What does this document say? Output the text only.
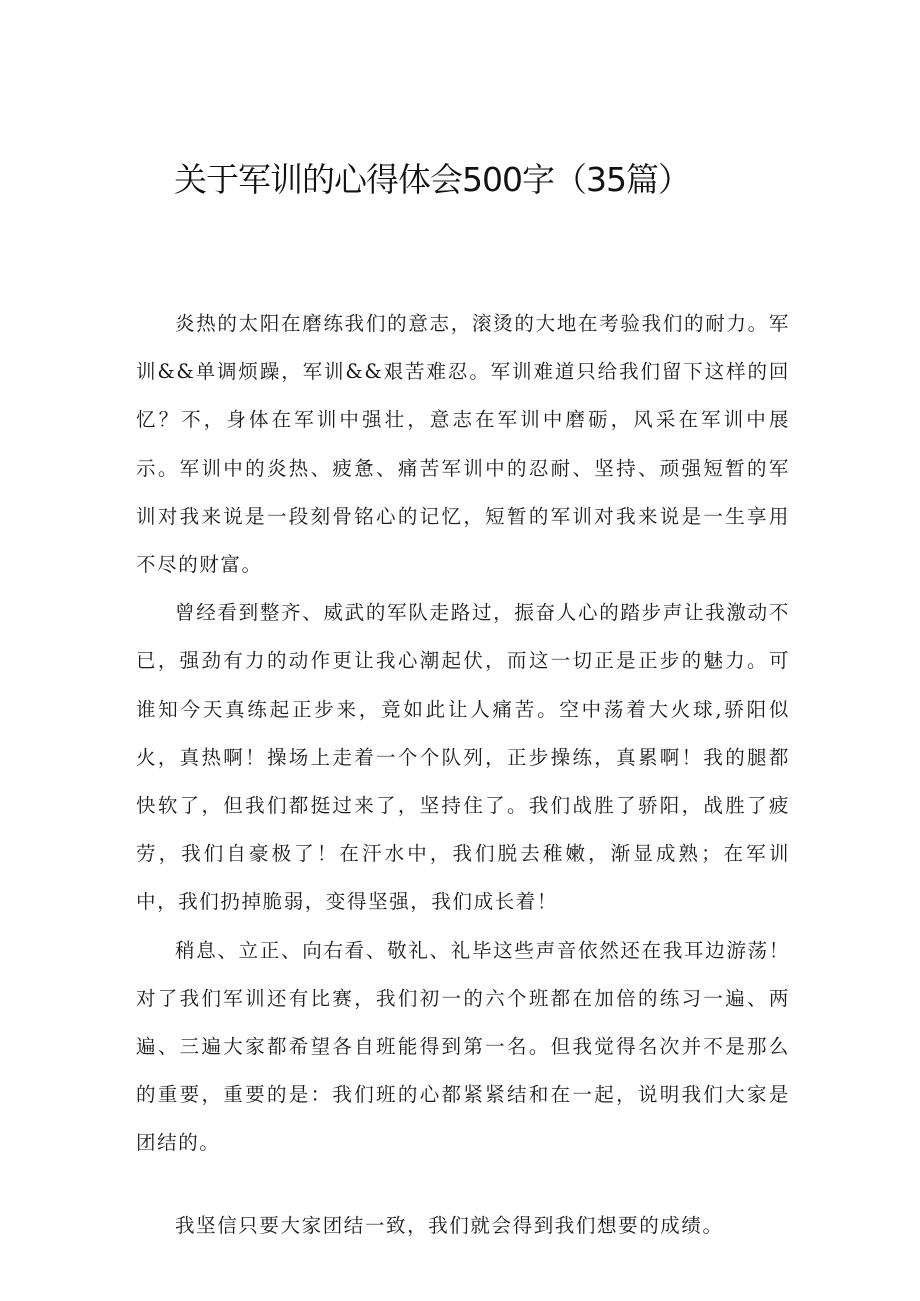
关于军训的心得体会500字（35篇）

炎热的太阳在磨练我们的意志，滚烫的大地在考验我们的耐力。军训&&单调烦躁，军训&&艰苦难忍。军训难道只给我们留下这样的回忆？不，身体在军训中强壮，意志在军训中磨砺，风采在军训中展示。军训中的炎热、疲惫、痛苦军训中的忍耐、坚持、顽强短暂的军训对我来说是一段刻骨铭心的记忆，短暂的军训对我来说是一生享用不尽的财富。

曾经看到整齐、威武的军队走路过，振奋人心的踏步声让我激动不已，强劲有力的动作更让我心潮起伏，而这一切正是正步的魅力。可谁知今天真练起正步来，竟如此让人痛苦。空中荡着大火球,骄阳似火，真热啊！操场上走着一个个队列，正步操练，真累啊！我的腿都快软了，但我们都挺过来了，坚持住了。我们战胜了骄阳，战胜了疲劳，我们自豪极了！在汗水中，我们脱去稚嫩，渐显成熟；在军训中，我们扔掉脆弱，变得坚强，我们成长着！

稍息、立正、向右看、敬礼、礼毕这些声音依然还在我耳边游荡！对了我们军训还有比赛，我们初一的六个班都在加倍的练习一遍、两遍、三遍大家都希望各自班能得到第一名。但我觉得名次并不是那么的重要，重要的是：我们班的心都紧紧结和在一起，说明我们大家是团结的。

我坚信只要大家团结一致，我们就会得到我们想要的成绩。
